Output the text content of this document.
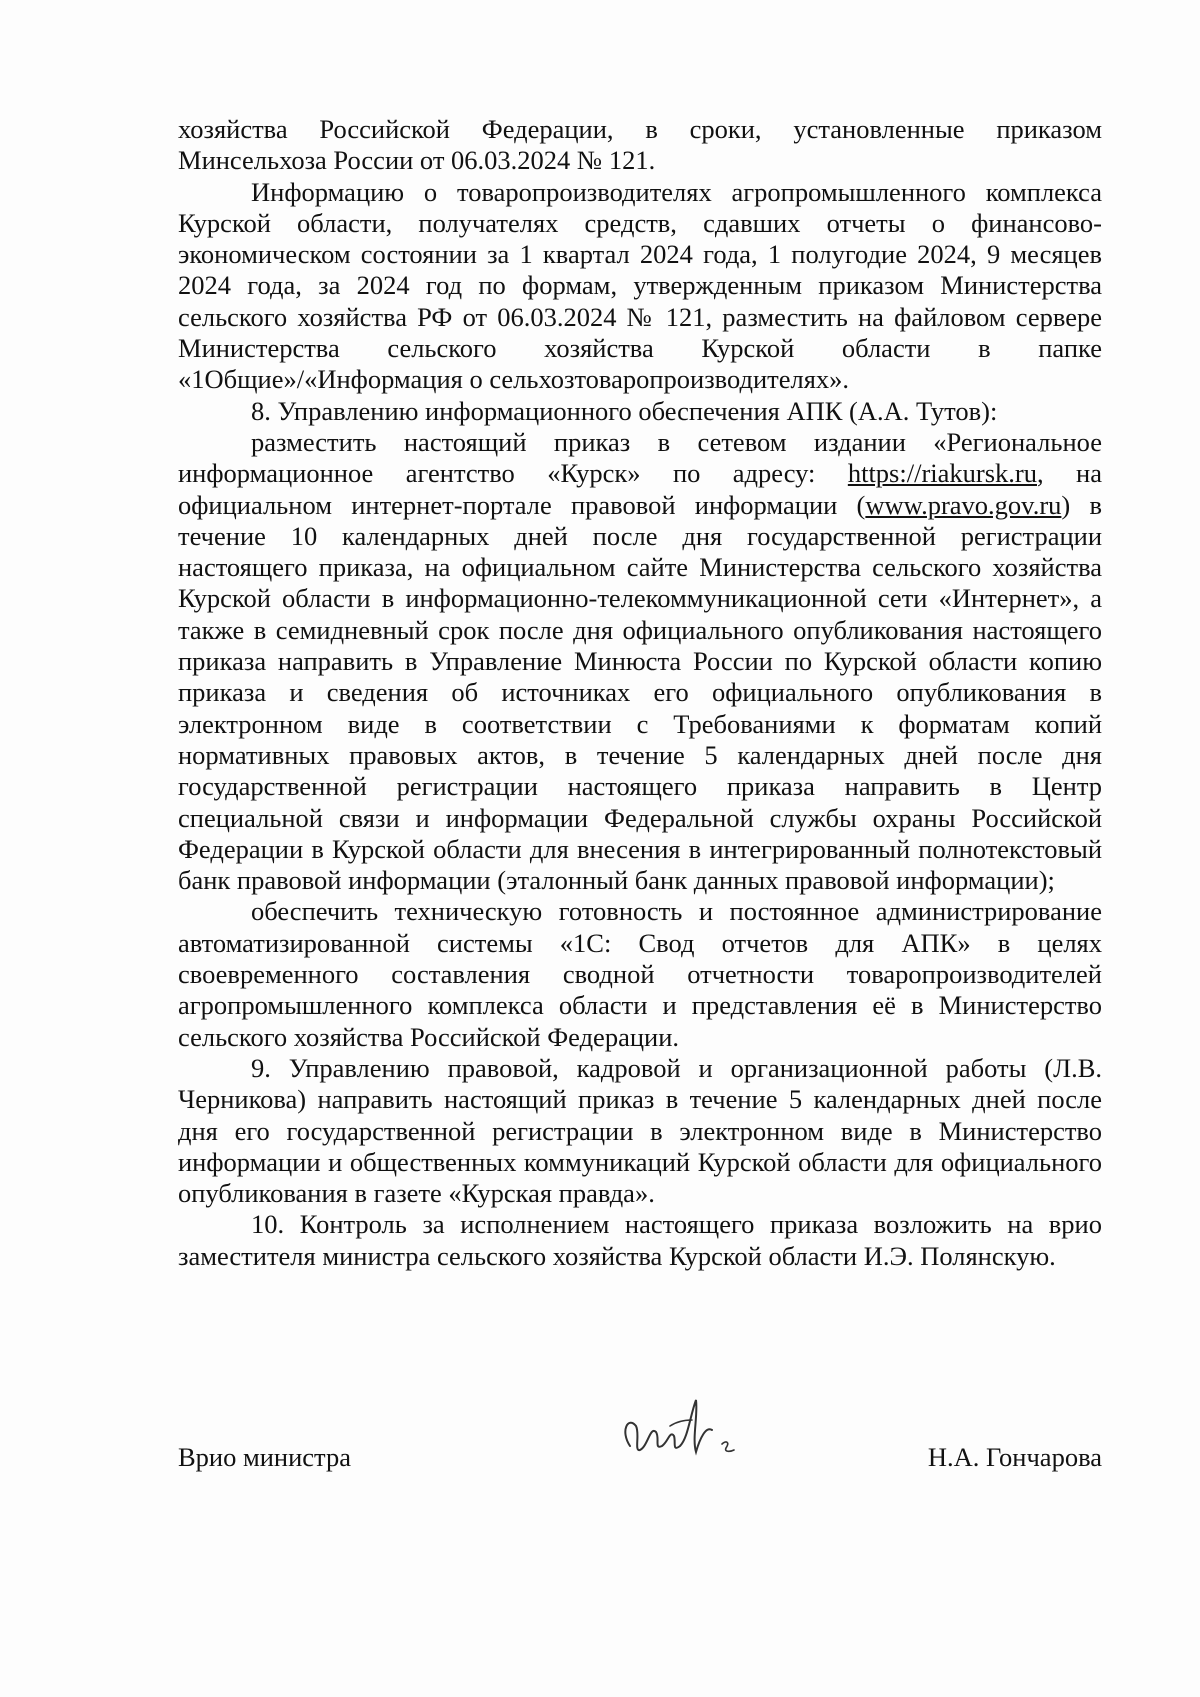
хозяйства Российской Федерации, в сроки, установленные приказом Минсельхоза России от 06.03.2024 № 121.

Информацию о товаропроизводителях агропромышленного комплекса Курской области, получателях средств, сдавших отчеты о финансово-экономическом состоянии за 1 квартал 2024 года, 1 полугодие 2024, 9 месяцев 2024 года, за 2024 год по формам, утвержденным приказом Министерства сельского хозяйства РФ от 06.03.2024 № 121, разместить на файловом сервере Министерства сельского хозяйства Курской области в папке «1Общие»/«Информация о сельхозтоваропроизводителях».

8. Управлению информационного обеспечения АПК (А.А. Тутов):

разместить настоящий приказ в сетевом издании «Региональное информационное агентство «Курск» по адресу: https://riakursk.ru, на официальном интернет-портале правовой информации (www.pravo.gov.ru) в течение 10 календарных дней после дня государственной регистрации настоящего приказа, на официальном сайте Министерства сельского хозяйства Курской области в информационно-телекоммуникационной сети «Интернет», а также в семидневный срок после дня официального опубликования настоящего приказа направить в Управление Минюста России по Курской области копию приказа и сведения об источниках его официального опубликования в электронном виде в соответствии с Требованиями к форматам копий нормативных правовых актов, в течение 5 календарных дней после дня государственной регистрации настоящего приказа направить в Центр специальной связи и информации Федеральной службы охраны Российской Федерации в Курской области для внесения в интегрированный полнотекстовый банк правовой информации (эталонный банк данных правовой информации);

обеспечить техническую готовность и постоянное администрирование автоматизированной системы «1С: Свод отчетов для АПК» в целях своевременного составления сводной отчетности товаропроизводителей агропромышленного комплекса области и представления её в Министерство сельского хозяйства Российской Федерации.

9. Управлению правовой, кадровой и организационной работы (Л.В. Черникова) направить настоящий приказ в течение 5 календарных дней после дня его государственной регистрации в электронном виде в Министерство информации и общественных коммуникаций Курской области для официального опубликования в газете «Курская правда».

10. Контроль за исполнением настоящего приказа возложить на врио заместителя министра сельского хозяйства Курской области И.Э. Полянскую.

Врио министра	Н.А. Гончарова
